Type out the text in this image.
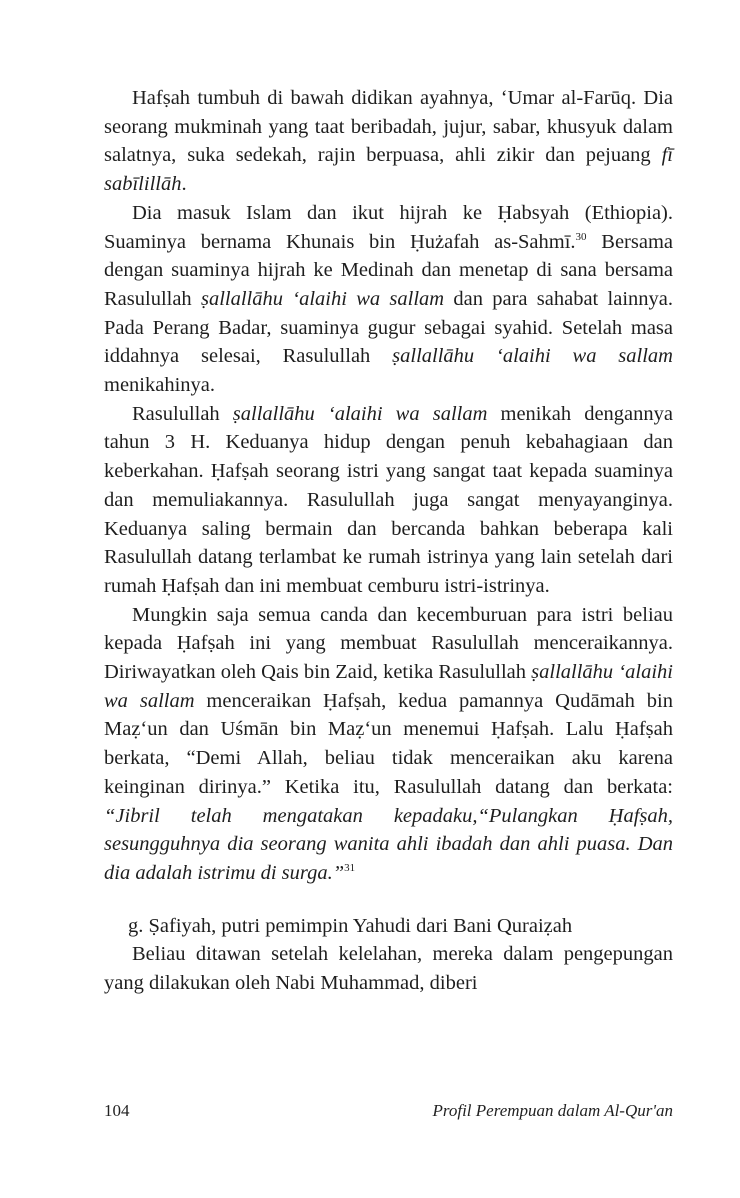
Hafṣah tumbuh di bawah didikan ayahnya, ‘Umar al-Farūq. Dia seorang mukminah yang taat beribadah, jujur, sabar, khusyuk dalam salatnya, suka sedekah, rajin berpuasa, ahli zikir dan pejuang fī sabīlillāh.

Dia masuk Islam dan ikut hijrah ke Ḥabsyah (Ethiopia). Suaminya bernama Khunais bin Ḥużafah as-Sahmī.$^{30}$ Bersama dengan suaminya hijrah ke Medinah dan menetap di sana bersama Rasulullah ṣallallāhu ‘alaihi wa sallam dan para sahabat lainnya. Pada Perang Badar, suaminya gugur sebagai syahid. Setelah masa iddahnya selesai, Rasulullah ṣallallāhu ‘alaihi wa sallam menikahinya.

Rasulullah ṣallallāhu ‘alaihi wa sallam menikah dengannya tahun 3 H. Keduanya hidup dengan penuh kebahagiaan dan keberkahan. Ḥafṣah seorang istri yang sangat taat kepada suaminya dan memuliakannya. Rasulullah juga sangat menyayanginya. Keduanya saling bermain dan bercanda bahkan beberapa kali Rasulullah datang terlambat ke rumah istrinya yang lain setelah dari rumah Ḥafṣah dan ini membuat cemburu istri-istrinya.

Mungkin saja semua canda dan kecemburuan para istri beliau kepada Ḥafṣah ini yang membuat Rasulullah menceraikannya. Diriwayatkan oleh Qais bin Zaid, ketika Rasulullah ṣallallāhu ‘alaihi wa sallam menceraikan Ḥafṣah, kedua pamannya Qudāmah bin Maẓ‘un dan Uśmān bin Maẓ‘un menemui Ḥafṣah. Lalu Ḥafṣah berkata, “Demi Allah, beliau tidak menceraikan aku karena keinginan dirinya.” Ketika itu, Rasulullah datang dan berkata: “Jibril telah mengatakan kepadaku,“Pulangkan Ḥafṣah, sesungguhnya dia seorang wanita ahli ibadah dan ahli puasa. Dan dia adalah istrimu di surga.”$^{31}$

g. Ṣafiyah, putri pemimpin Yahudi dari Bani Quraiẓah

Beliau ditawan setelah kelelahan, mereka dalam pengepungan yang dilakukan oleh Nabi Muhammad, diberi

104	Profil Perempuan dalam Al-Qur'an
